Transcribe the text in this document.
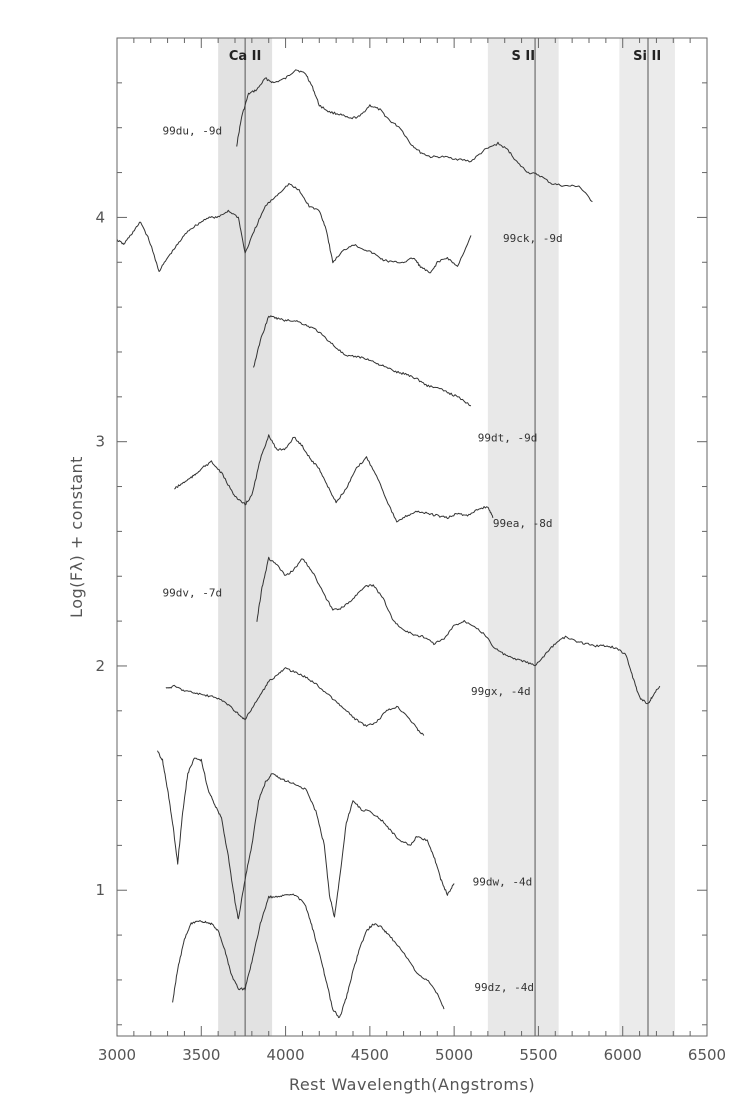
Ca II	S II	Si II
99du, -9d
99ck, -9d
99dt, -9d
99ea, -8d
99dv, -7d
99gx, -4d
99dw, -4d
99dz, -4d
3000	3500	4000	4500	5000	5500	6000	6500
1
2
3
4
Rest Wavelength(Angstroms)
Log(Fλ) + constant
